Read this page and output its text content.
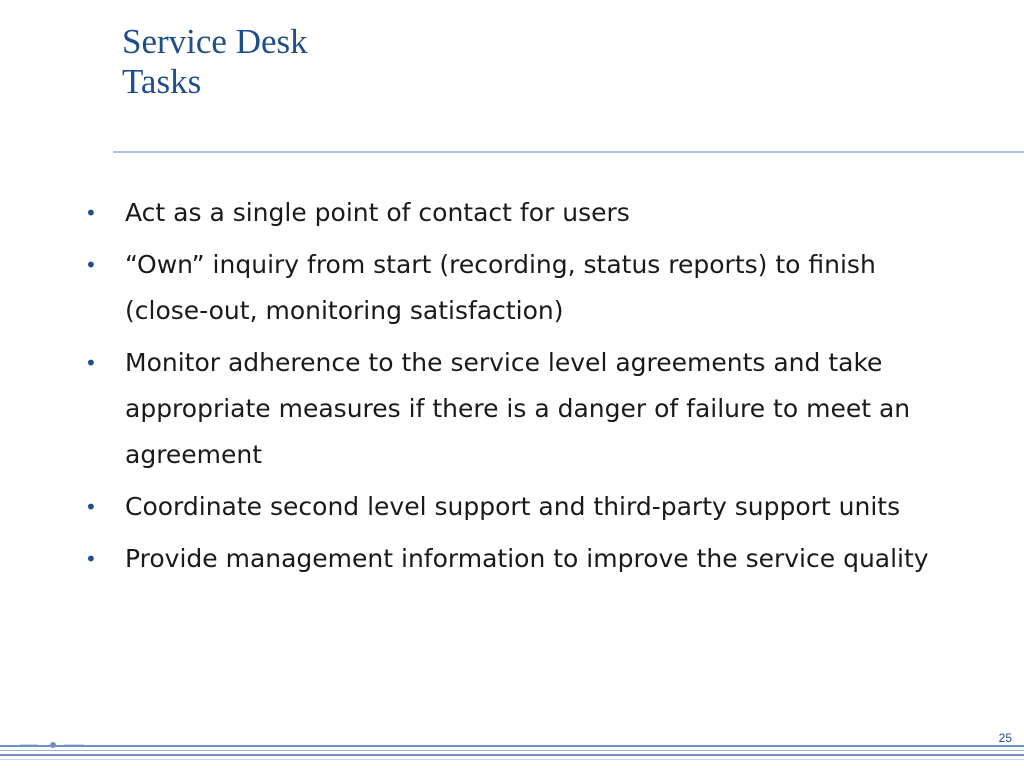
Service Desk
Tasks
• Act as a single point of contact for users
• “Own” inquiry from start (recording, status reports) to finish (close-out, monitoring satisfaction)
• Monitor adherence to the service level agreements and take appropriate measures if there is a danger of failure to meet an agreement
• Coordinate second level support and third-party support units
• Provide management information to improve the service quality
25
